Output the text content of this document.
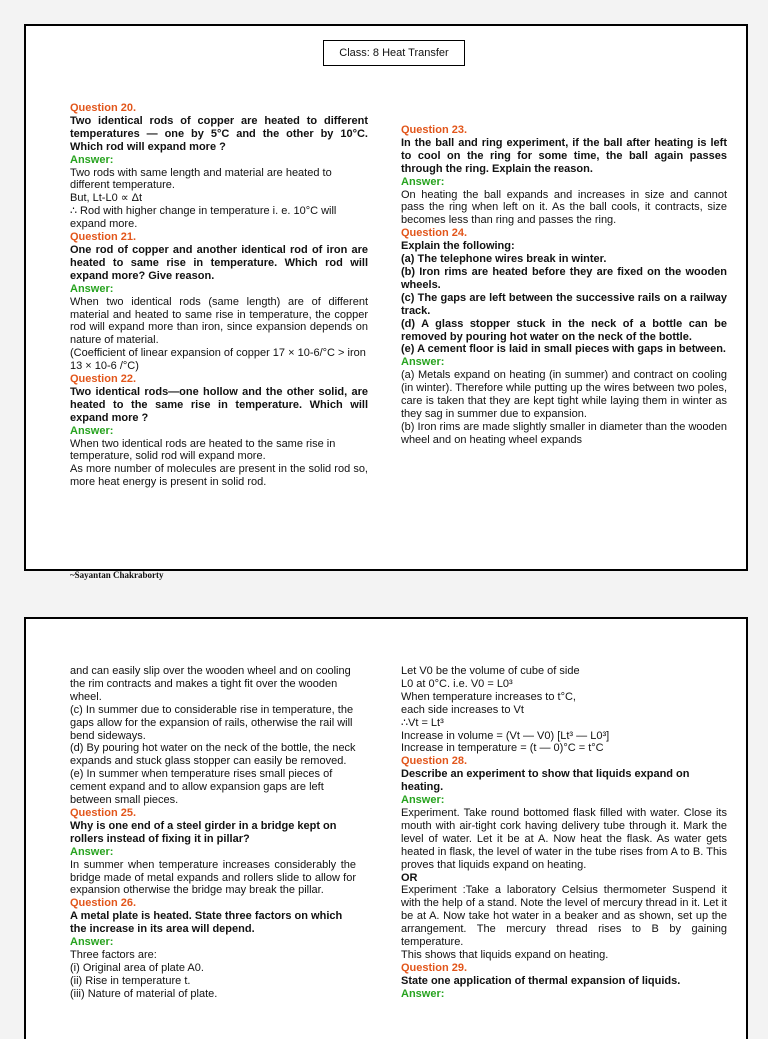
Class: 8 Heat Transfer
Question 20.
Two identical rods of copper are heated to different temperatures — one by 5°C and the other by 10°C. Which rod will expand more ?
Answer:
Two rods with same length and material are heated to different temperature.
But, Lt-L0 ∝ Δt
∴ Rod with higher change in temperature i. e. 10°C will expand more.
Question 21.
One rod of copper and another identical rod of iron are heated to same rise in temperature. Which rod will expand more? Give reason.
Answer:
When two identical rods (same length) are of different material and heated to same rise in temperature, the copper rod will expand more than iron, since expansion depends on nature of material.
(Coefficient of linear expansion of copper 17 × 10-6/°C > iron 13 × 10-6 /°C)
Question 22.
Two identical rods—one hollow and the other solid, are heated to the same rise in temperature. Which will expand more ?
Answer:
When two identical rods are heated to the same rise in temperature, solid rod will expand more.
As more number of molecules are present in the solid rod so, more heat energy is present in solid rod.
Question 23.
In the ball and ring experiment, if the ball after heating is left to cool on the ring for some time, the ball again passes through the ring. Explain the reason.
Answer:
On heating the ball expands and increases in size and cannot pass the ring when left on it. As the ball cools, it contracts, size becomes less than ring and passes the ring.
Question 24.
Explain the following:
(a) The telephone wires break in winter.
(b) Iron rims are heated before they are fixed on the wooden wheels.
(c) The gaps are left between the successive rails on a railway track.
(d) A glass stopper stuck in the neck of a bottle can be removed by pouring hot water on the neck of the bottle.
(e) A cement floor is laid in small pieces with gaps in between.
Answer:
(a) Metals expand on heating (in summer) and contract on cooling (in winter). Therefore while putting up the wires between two poles, care is taken that they are kept tight while laying them in winter as they sag in summer due to expansion.
(b) Iron rims are made slightly smaller in diameter than the wooden wheel and on heating wheel expands
~Sayantan Chakraborty
and can easily slip over the wooden wheel and on cooling the rim contracts and makes a tight fit over the wooden wheel.
(c) In summer due to considerable rise in temperature, the gaps allow for the expansion of rails, otherwise the rail will bend sideways.
(d) By pouring hot water on the neck of the bottle, the neck expands and stuck glass stopper can easily be removed.
(e) In summer when temperature rises small pieces of cement expand and to allow expansion gaps are left between small pieces.
Question 25.
Why is one end of a steel girder in a bridge kept on rollers instead of fixing it in pillar?
Answer:
In summer when temperature increases considerably the bridge made of metal expands and rollers slide to allow for expansion otherwise the bridge may break the pillar.
Question 26.
A metal plate is heated. State three factors on which the increase in its area will depend.
Answer:
Three factors are:
(i) Original area of plate A0.
(ii) Rise in temperature t.
(iii) Nature of material of plate.
Let V0 be the volume of cube of side L0 at 0°C. i.e. V0 = L0³
When temperature increases to t°C, each side increases to Vt
∴Vt = Lt³
Increase in volume = (Vt — V0) [Lt³ — L0³]
Increase in temperature = (t — 0)°C = t°C
Question 28.
Describe an experiment to show that liquids expand on heating.
Answer:
Experiment. Take round bottomed flask filled with water. Close its mouth with air-tight cork having delivery tube through it. Mark the level of water. Let it be at A. Now heat the flask. As water gets heated in flask, the level of water in the tube rises from A to B. This proves that liquids expand on heating.
OR
Experiment :Take a laboratory Celsius thermometer Suspend it with the help of a stand. Note the level of mercury thread in it. Let it be at A. Now take hot water in a beaker and as shown, set up the arrangement. The mercury thread rises to B by gaining temperature.
This shows that liquids expand on heating.
Question 29.
State one application of thermal expansion of liquids.
Answer:
